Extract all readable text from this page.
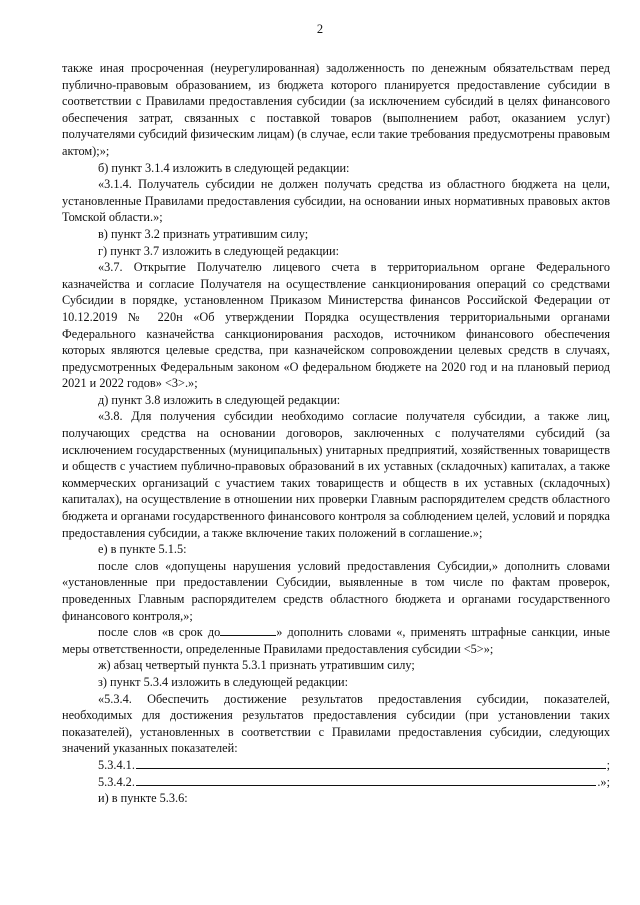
2

также иная просроченная (неурегулированная) задолженность по денежным обязательствам перед публично-правовым образованием, из бюджета которого планируется предоставление субсидии в соответствии с Правилами предоставления субсидии (за исключением субсидий в целях финансового обеспечения затрат, связанных с поставкой товаров (выполнением работ, оказанием услуг) получателями субсидий физическим лицам) (в случае, если такие требования предусмотрены правовым актом);»;

б) пункт 3.1.4 изложить в следующей редакции:

«3.1.4. Получатель субсидии не должен получать средства из областного бюджета на цели, установленные Правилами предоставления субсидии, на основании иных нормативных правовых актов Томской области.»;

в) пункт 3.2 признать утратившим силу;

г) пункт 3.7 изложить в следующей редакции:

«3.7. Открытие Получателю лицевого счета в территориальном органе Федерального казначейства и согласие Получателя на осуществление санкционирования операций со средствами Субсидии в порядке, установленном Приказом Министерства финансов Российской Федерации от 10.12.2019 № 220н «Об утверждении Порядка осуществления территориальными органами Федерального казначейства санкционирования расходов, источником финансового обеспечения которых являются целевые средства, при казначейском сопровождении целевых средств в случаях, предусмотренных Федеральным законом «О федеральном бюджете на 2020 год и на плановый период 2021 и 2022 годов» <3>.»;

д) пункт 3.8 изложить в следующей редакции:

«3.8. Для получения субсидии необходимо согласие получателя субсидии, а также лиц, получающих средства на основании договоров, заключенных с получателями субсидий (за исключением государственных (муниципальных) унитарных предприятий, хозяйственных товариществ и обществ с участием публично-правовых образований в их уставных (складочных) капиталах, а также коммерческих организаций с участием таких товариществ и обществ в их уставных (складочных) капиталах), на осуществление в отношении них проверки Главным распорядителем средств областного бюджета и органами государственного финансового контроля за соблюдением целей, условий и порядка предоставления субсидии, а также включение таких положений в соглашение.»;

е) в пункте 5.1.5:

после слов «допущены нарушения условий предоставления Субсидии,» дополнить словами «установленные при предоставлении Субсидии, выявленные в том числе по фактам проверок, проведенных Главным распорядителем средств областного бюджета и органами государственного финансового контроля,»;

после слов «в срок до	» дополнить словами «, применять штрафные санкции, иные меры ответственности, определенные Правилами предоставления субсидии <5>»;

ж) абзац четвертый пункта 5.3.1 признать утратившим силу;

з) пункт 5.3.4 изложить в следующей редакции:

«5.3.4. Обеспечить достижение результатов предоставления субсидии, показателей, необходимых для достижения результатов предоставления субсидии (при установлении таких показателей), установленных в соответствии с Правилами предоставления субсидии, следующих значений указанных показателей:

5.3.4.1.	;
5.3.4.2.	.»;

и) в пункте 5.3.6:
